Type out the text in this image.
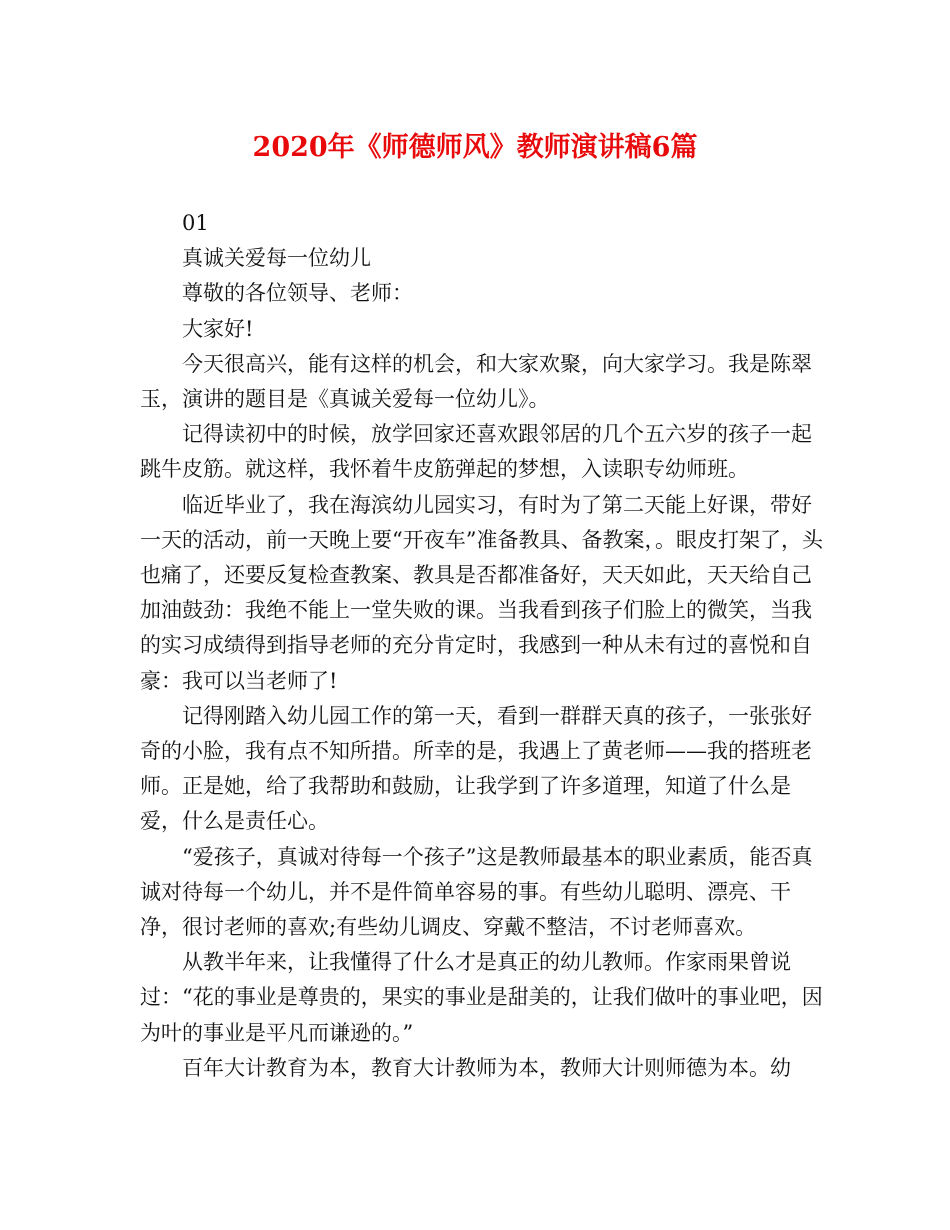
2020年《师德师风》教师演讲稿6篇

01

真诚关爱每一位幼儿

尊敬的各位领导、老师：

大家好!

今天很高兴，能有这样的机会，和大家欢聚，向大家学习。我是陈翠玉，演讲的题目是《真诚关爱每一位幼儿》。

记得读初中的时候，放学回家还喜欢跟邻居的几个五六岁的孩子一起跳牛皮筋。就这样，我怀着牛皮筋弹起的梦想，入读职专幼师班。

临近毕业了，我在海滨幼儿园实习，有时为了第二天能上好课，带好一天的活动，前一天晚上要“开夜车”准备教具、备教案，。眼皮打架了，头也痛了，还要反复检查教案、教具是否都准备好，天天如此，天天给自己加油鼓劲：我绝不能上一堂失败的课。当我看到孩子们脸上的微笑，当我的实习成绩得到指导老师的充分肯定时，我感到一种从未有过的喜悦和自豪：我可以当老师了!

记得刚踏入幼儿园工作的第一天，看到一群群天真的孩子，一张张好奇的小脸，我有点不知所措。所幸的是，我遇上了黄老师——我的搭班老师。正是她，给了我帮助和鼓励，让我学到了许多道理，知道了什么是爱，什么是责任心。

“爱孩子，真诚对待每一个孩子”这是教师最基本的职业素质，能否真诚对待每一个幼儿，并不是件简单容易的事。有些幼儿聪明、漂亮、干净，很讨老师的喜欢;有些幼儿调皮、穿戴不整洁，不讨老师喜欢。

从教半年来，让我懂得了什么才是真正的幼儿教师。作家雨果曾说过：“花的事业是尊贵的，果实的事业是甜美的，让我们做叶的事业吧，因为叶的事业是平凡而谦逊的。”

百年大计教育为本，教育大计教师为本，教师大计则师德为本。幼
